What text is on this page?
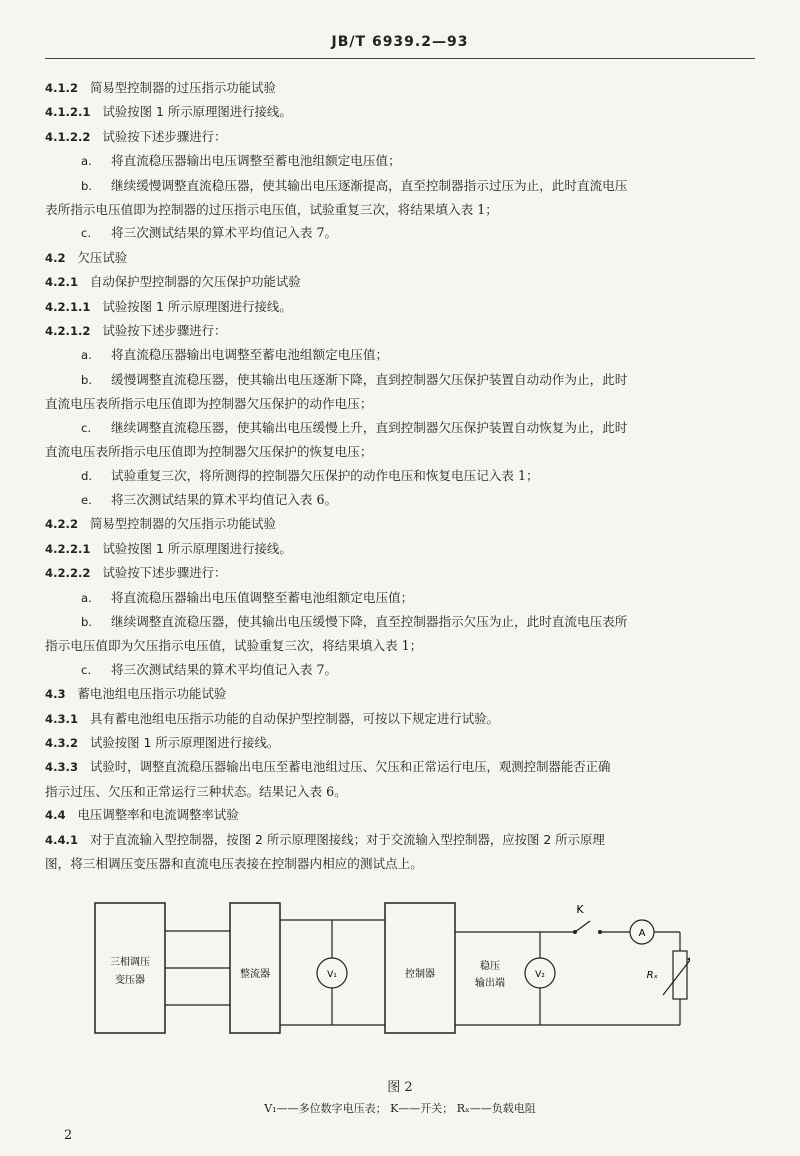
JB/T 6939.2—93
4.1.2 简易型控制器的过压指示功能试验
4.1.2.1 试验按图 1 所示原理图进行接线。
4.1.2.2 试验按下述步骤进行：
a. 将直流稳压器输出电压调整至蓄电池组额定电压值；
b. 继续缓慢调整直流稳压器，使其输出电压逐渐提高，直至控制器指示过压为止，此时直流电压
表所指示电压值即为控制器的过压指示电压值，试验重复三次，将结果填入表 1；
c. 将三次测试结果的算术平均值记入表 7。
4.2 欠压试验
4.2.1 自动保护型控制器的欠压保护功能试验
4.2.1.1 试验按图 1 所示原理图进行接线。
4.2.1.2 试验按下述步骤进行：
a. 将直流稳压器输出电调整至蓄电池组额定电压值；
b. 缓慢调整直流稳压器，使其输出电压逐渐下降，直到控制器欠压保护装置自动动作为止，此时
直流电压表所指示电压值即为控制器欠压保护的动作电压；
c. 继续调整直流稳压器，使其输出电压缓慢上升，直到控制器欠压保护装置自动恢复为止，此时
直流电压表所指示电压值即为控制器欠压保护的恢复电压；
d. 试验重复三次，将所测得的控制器欠压保护的动作电压和恢复电压记入表 1；
e. 将三次测试结果的算术平均值记入表 6。
4.2.2 简易型控制器的欠压指示功能试验
4.2.2.1 试验按图 1 所示原理图进行接线。
4.2.2.2 试验按下述步骤进行：
a. 将直流稳压器输出电压值调整至蓄电池组额定电压值；
b. 继续调整直流稳压器，使其输出电压缓慢下降，直至控制器指示欠压为止，此时直流电压表所
指示电压值即为欠压指示电压值，试验重复三次，将结果填入表 1；
c. 将三次测试结果的算术平均值记入表 7。
4.3 蓄电池组电压指示功能试验
4.3.1 具有蓄电池组电压指示功能的自动保护型控制器，可按以下规定进行试验。
4.3.2 试验按图 1 所示原理图进行接线。
4.3.3 试验时，调整直流稳压器输出电压至蓄电池组过压、欠压和正常运行电压，观测控制器能否正确
指示过压、欠压和正常运行三种状态。结果记入表 6。
4.4 电压调整率和电流调整率试验
4.4.1 对于直流输入型控制器，按图 2 所示原理图接线；对于交流输入型控制器，应按图 2 所示原理
图，将三相调压变压器和直流电压表接在控制器内相应的测试点上。
三相调压
变压器
整流器	V₁	控制器
稳压
输出端
V₂
K
A
Rₓ
图 2
V₁——多位数字电压表； K——开关； Rₓ——负载电阻
2
